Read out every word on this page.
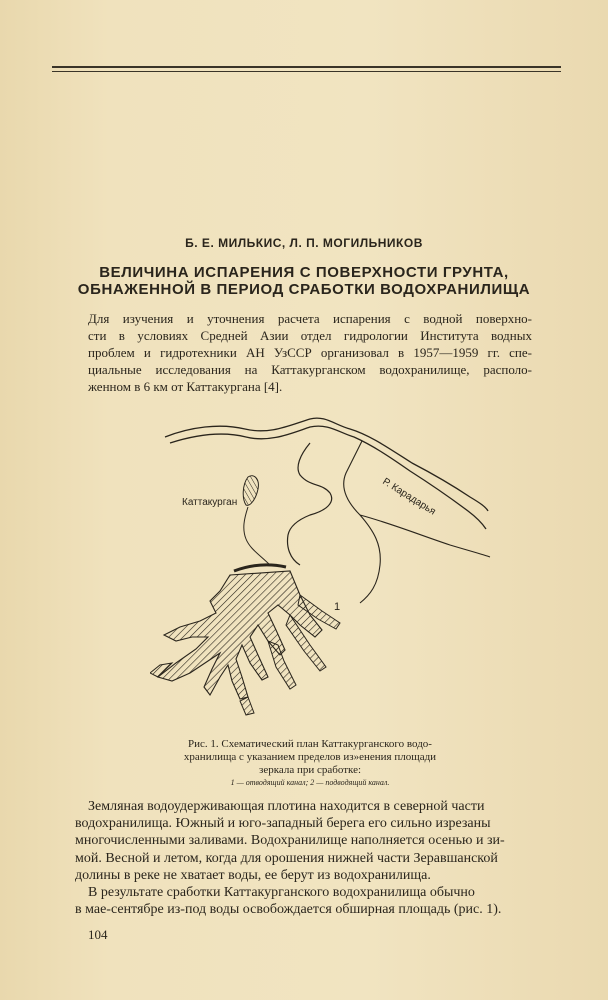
Б. Е. МИЛЬКИС, Л. П. МОГИЛЬНИКОВ
ВЕЛИЧИНА ИСПАРЕНИЯ С ПОВЕРХНОСТИ ГРУНТА,
ОБНАЖЕННОЙ В ПЕРИОД СРАБОТКИ ВОДОХРАНИЛИЩА
Для изучения и уточнения расчета испарения с водной поверхно-
сти в условиях Средней Азии отдел гидрологии Института водных
проблем и гидротехники АН УзССР организовал в 1957—1959 гг. спе-
циальные исследования на Каттакурганском водохранилище, располо-
женном в 6 км от Каттакургана [4].
Р. Карадарья
Каттакурган
1
Рис. 1. Схематический план Каттакурганского водо-
хранилища с указанием пределов из»енения площади
зеркала при сработке:
1 — отводящий канал; 2 — подводящий канал.
Земляная водоудерживающая плотина находится в северной части
водохранилища. Южный и юго-западный берега его сильно изрезаны
многочисленными заливами. Водохранилище наполняется осенью и зи-
мой. Весной и летом, когда для орошения нижней части Зеравшанской
долины в реке не хватает воды, ее берут из водохранилища.
В результате сработки Каттакурганского водохранилища обычно
в мае-сентябре из-под воды освобождается обширная площадь (рис. 1).
104
